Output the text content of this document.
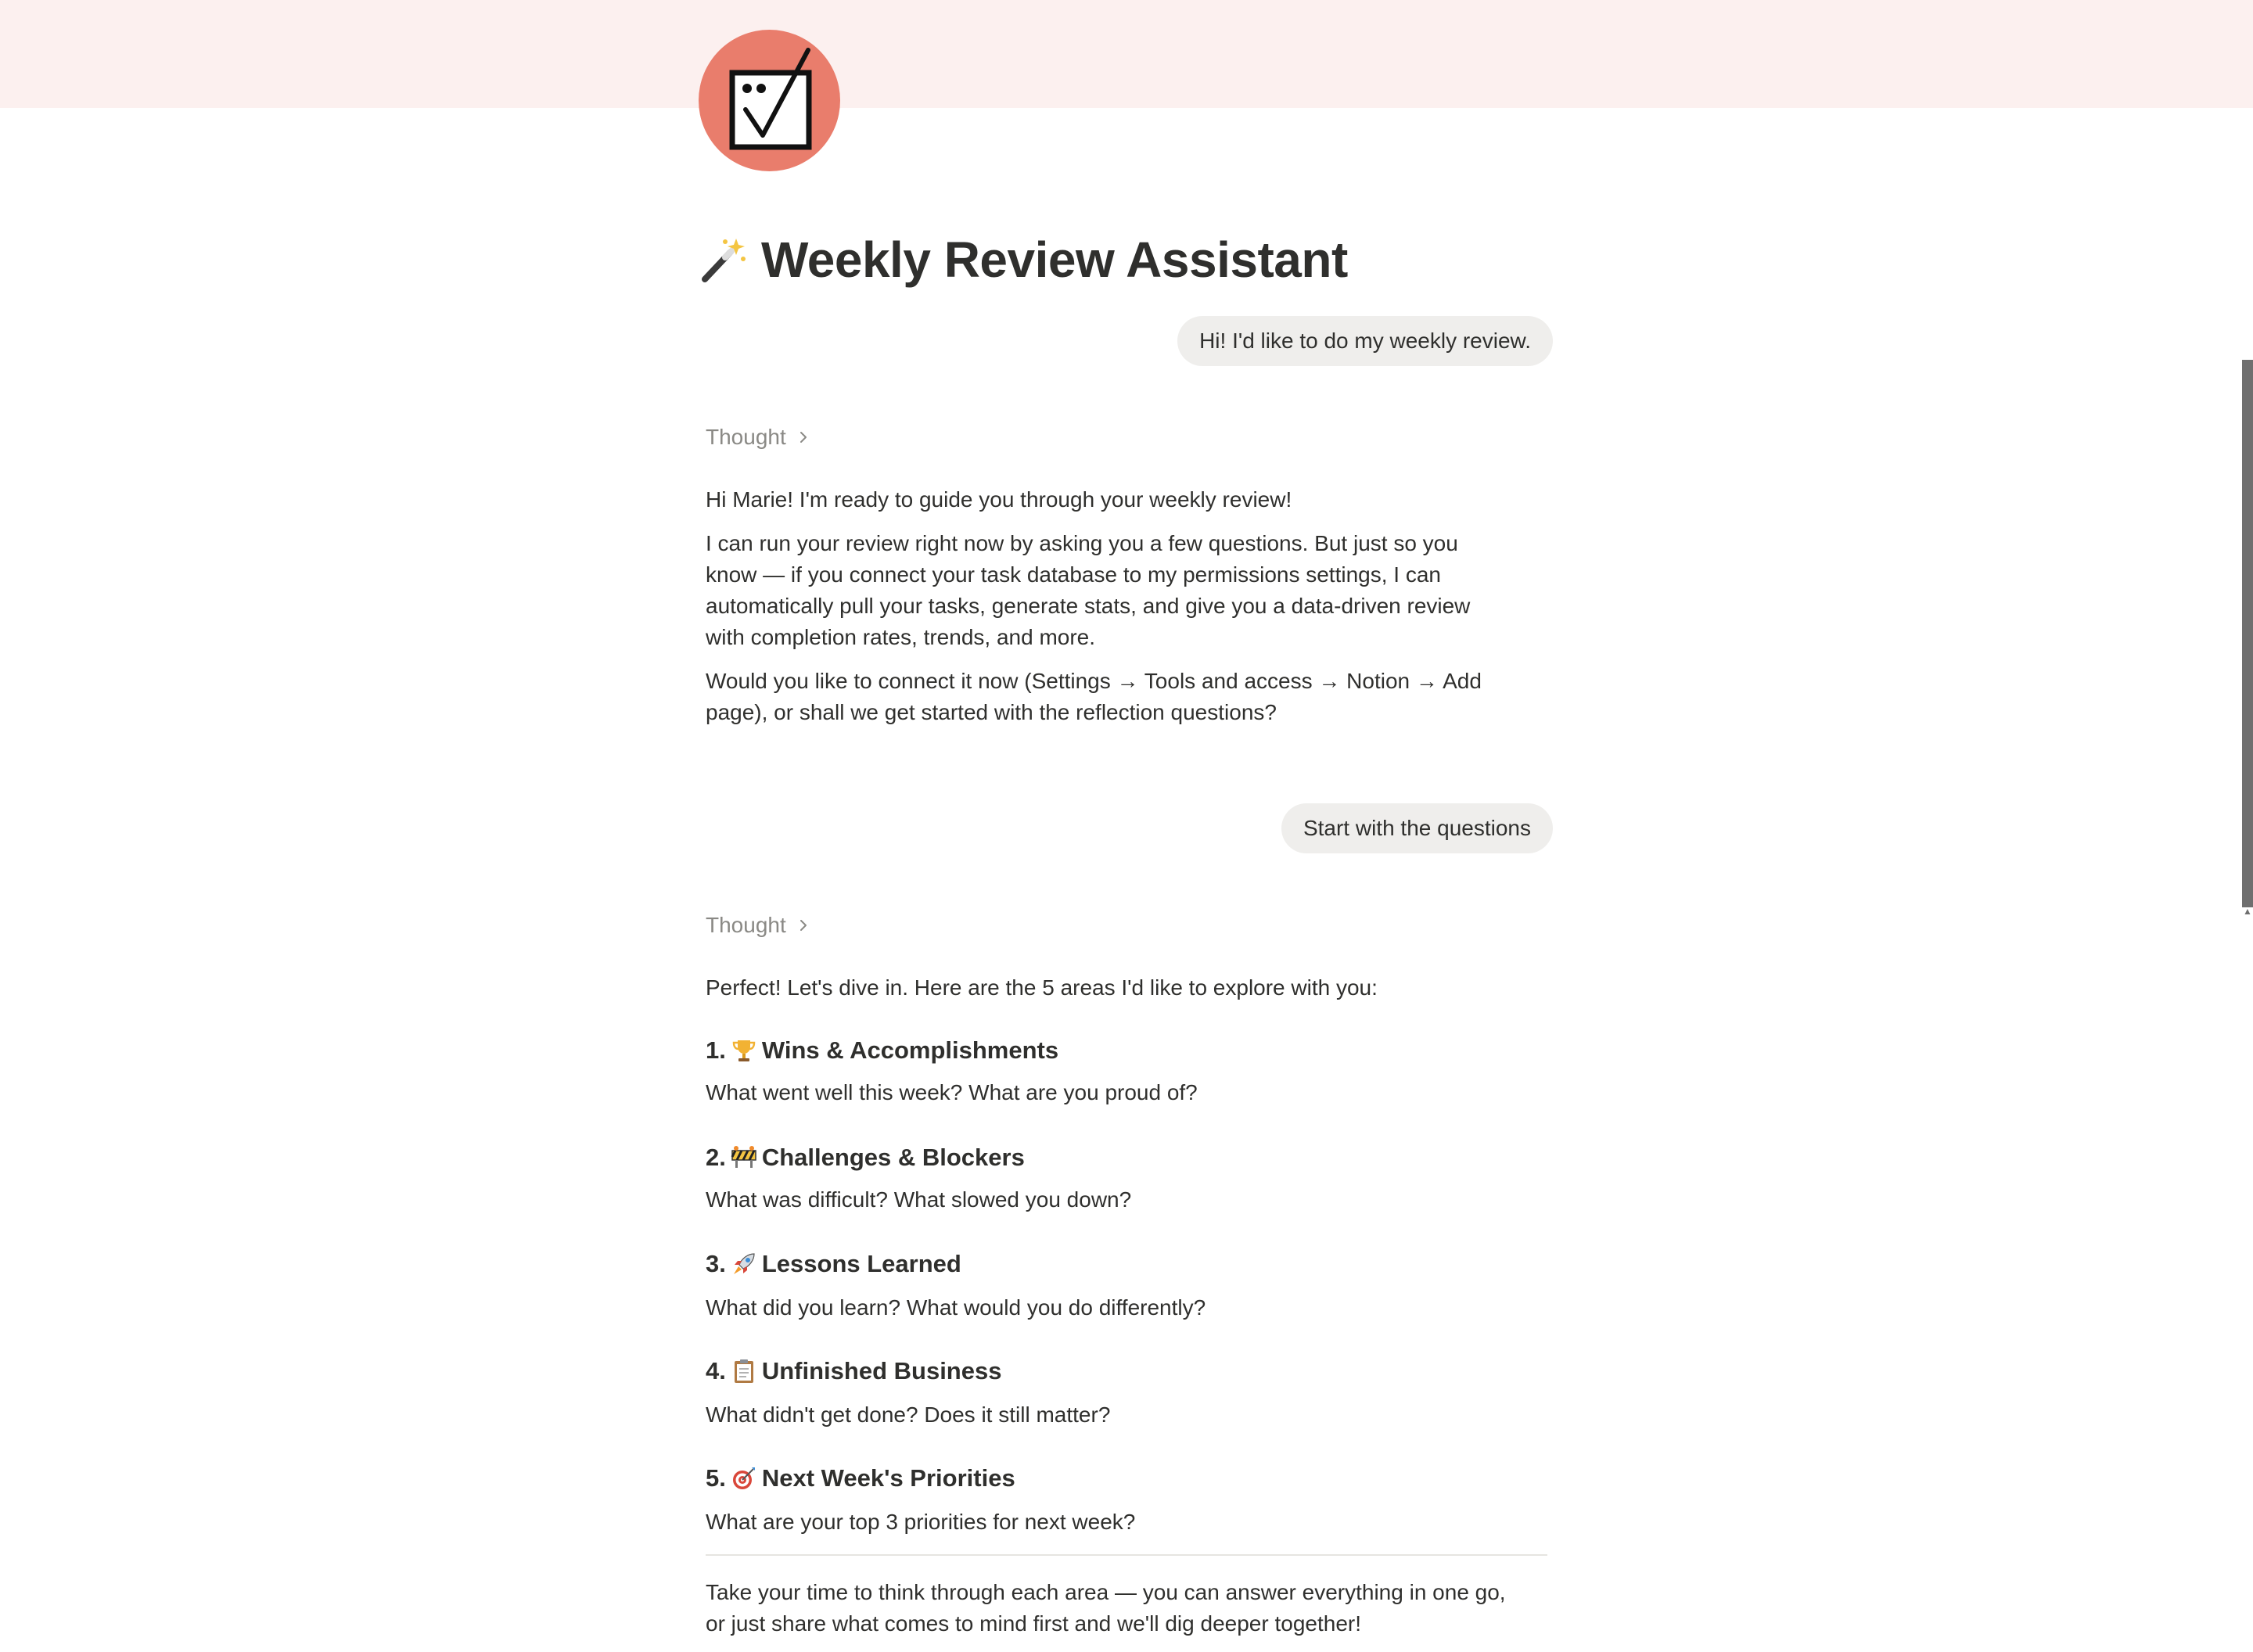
Weekly Review Assistant
Hi! I'd like to do my weekly review.
Thought
Hi Marie! I'm ready to guide you through your weekly review!
I can run your review right now by asking you a few questions. But just so you
know — if you connect your task database to my permissions settings, I can
automatically pull your tasks, generate stats, and give you a data-driven review
with completion rates, trends, and more.
Would you like to connect it now (Settings → Tools and access → Notion → Add
page), or shall we get started with the reflection questions?
Start with the questions
Thought
Perfect! Let's dive in. Here are the 5 areas I'd like to explore with you:
1. Wins & Accomplishments
What went well this week? What are you proud of?
2. Challenges & Blockers
What was difficult? What slowed you down?
3. Lessons Learned
What did you learn? What would you do differently?
4. Unfinished Business
What didn't get done? Does it still matter?
5. Next Week's Priorities
What are your top 3 priorities for next week?
Take your time to think through each area — you can answer everything in one go,
or just share what comes to mind first and we'll dig deeper together!
▲
